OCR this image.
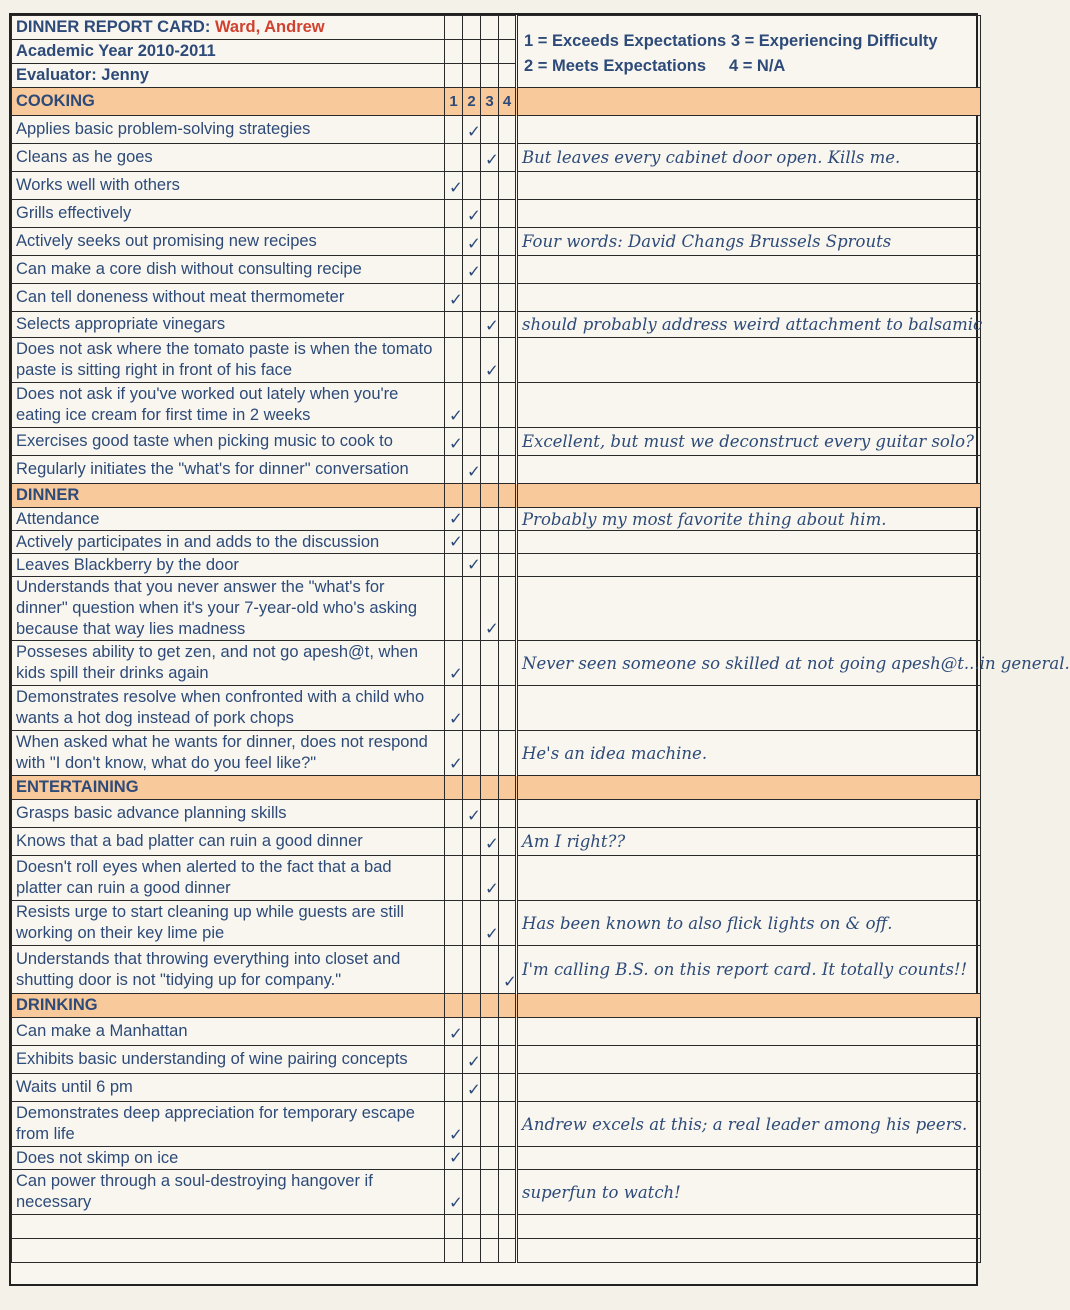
DINNER REPORT CARD: Ward, Andrew					1 = Exceeds Expectations 3 = Experiencing Difficulty
2 = Meets Expectations     4 = N/A

Academic Year 2010-2011					
Evaluator: Jenny					
COOKING	1	2	3	4	
Applies basic problem-solving strategies		✓			
Cleans as he goes			✓		But leaves every cabinet door open. Kills me.
Works well with others	✓				
Grills effectively		✓			
Actively seeks out promising new recipes		✓			Four words: David Changs Brussels Sprouts
Can make a core dish without consulting recipe		✓			
Can tell doneness without meat thermometer	✓				
Selects appropriate vinegars			✓		should probably address weird attachment to balsamic
Does not ask where the tomato paste is when the tomato paste is sitting right in front of his face			✓		
Does not ask if you've worked out lately when you're eating ice cream for first time in 2 weeks	✓				
Exercises good taste when picking music to cook to	✓				Excellent, but must we deconstruct every guitar solo?
Regularly initiates the "what's for dinner" conversation		✓			
DINNER					
Attendance	✓				Probably my most favorite thing about him.
Actively participates in and adds to the discussion	✓				
Leaves Blackberry by the door		✓			
Understands that you never answer the "what's for dinner" question when it's your 7-year-old who's asking because that way lies madness			✓		
Posseses ability to get zen, and not go apesh@t, when kids spill their drinks again	✓				Never seen someone so skilled at not going apesh@t...in general.
Demonstrates resolve when confronted with a child who wants a hot dog instead of pork chops	✓				
When asked what he wants for dinner, does not respond with "I don't know, what do you feel like?"	✓				He's an idea machine.
ENTERTAINING					
Grasps basic advance planning skills		✓			
Knows that a bad platter can ruin a good dinner			✓		Am I right??
Doesn't roll eyes when alerted to the fact that a bad platter can ruin a good dinner			✓		
Resists urge to start cleaning up while guests are still working on their key lime pie			✓		Has been known to also flick lights on & off.
Understands that throwing everything into closet and shutting door is not "tidying up for company."				✓	I'm calling B.S. on this report card. It totally counts!!
DRINKING					
Can make a Manhattan	✓				
Exhibits basic understanding of wine pairing concepts		✓			
Waits until 6 pm		✓			
Demonstrates deep appreciation for temporary escape from life	✓				Andrew excels at this; a real leader among his peers.
Does not skimp on ice	✓				
Can power through a soul-destroying hangover if necessary	✓				superfun to watch!
